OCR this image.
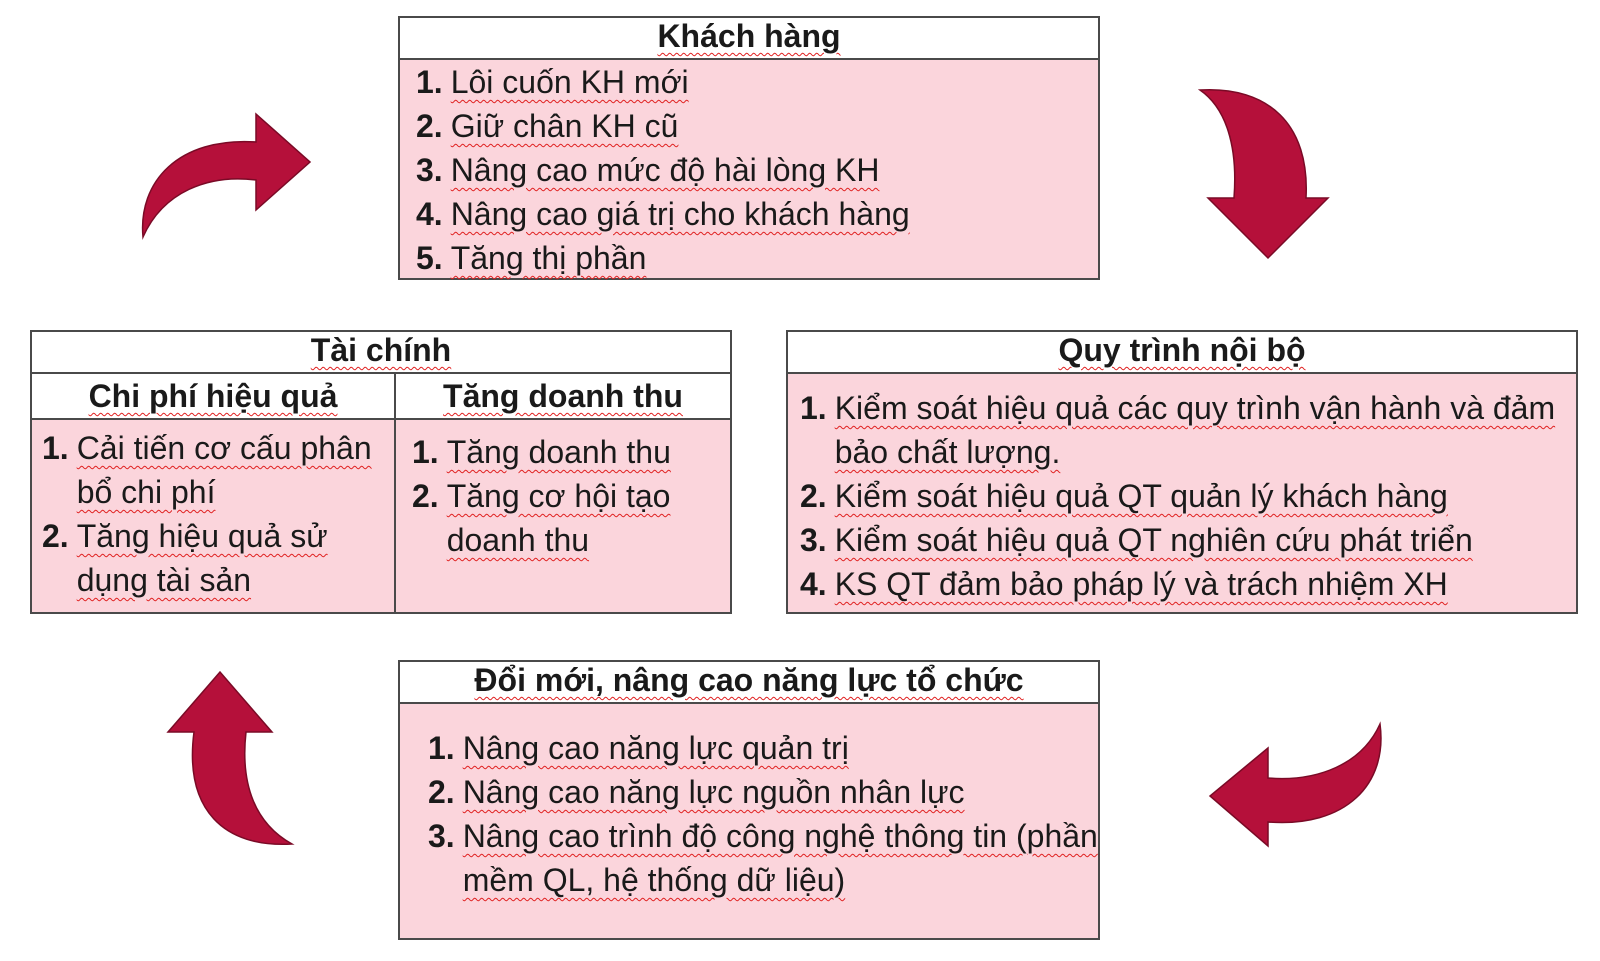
Khách hàng
1. Lôi cuốn KH mới
2. Giữ chân KH cũ
3. Nâng cao mức độ hài lòng KH
4. Nâng cao giá trị cho khách hàng
5. Tăng thị phần
Tài chính
Chi phí hiệu quả
1. Cải tiến cơ cấu phân bổ chi phí
2. Tăng hiệu quả sử dụng tài sản
Tăng doanh thu
1. Tăng doanh thu
2. Tăng cơ hội tạo doanh thu
Quy trình nội bộ
1. Kiểm soát hiệu quả các quy trình vận hành và đảm bảo chất lượng.
2. Kiểm soát hiệu quả QT quản lý khách hàng
3. Kiểm soát hiệu quả QT nghiên cứu phát triển
4. KS QT đảm bảo pháp lý và trách nhiệm XH
Đổi mới, nâng cao năng lực tổ chức
1. Nâng cao năng lực quản trị
2. Nâng cao năng lực nguồn nhân lực
3. Nâng cao trình độ công nghệ thông tin (phần mềm QL, hệ thống dữ liệu)
